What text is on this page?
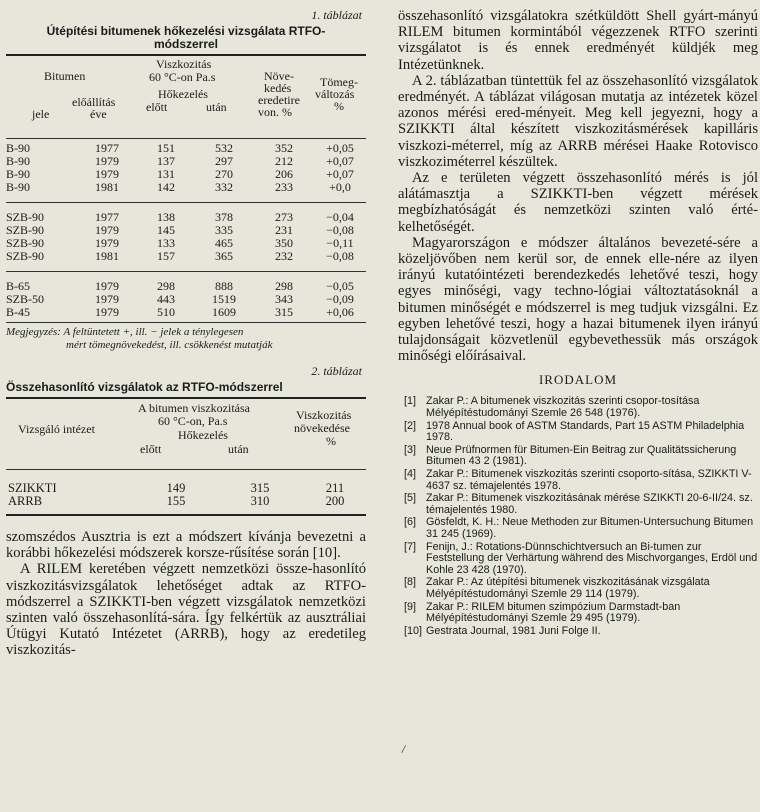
1. táblázat
Útépítési bitumenek hőkezelési vizsgálata RTFO-
módszerrel
Bitumen
Viszkozitás
60 °C-on Pa.s
Hőkezelés
előtt	után
Növe-
kedés
eredetire
von. %
Tömeg-
változás
%
jele
előállítás
éve
B-90	1977	151	532	352	+0,05
B-90	1979	137	297	212	+0,07
B-90	1979	131	270	206	+0,07
B-90	1981	142	332	233	+0,0

SZB-90	1977	138	378	273	−0,04
SZB-90	1979	145	335	231	−0,08
SZB-90	1979	133	465	350	−0,11
SZB-90	1981	157	365	232	−0,08

B-65	1979	298	888	298	−0,05
SZB-50	1979	443	1519	343	−0,09
B-45	1979	510	1609	315	+0,06
Megjegyzés: A feltüntetett +, ill. − jelek a ténylegesen
mért tömegnövekedést, ill. csökkenést mutatják
2. táblázat
Összehasonlító vizsgálatok az RTFO-módszerrel
Vizsgáló intézet
A bitumen viszkozitása
60 °C-on, Pa.s
Hőkezelés
előtt	után
Viszkozitás
növekedése
%
SZIKKTI	149	315	211
ARRB	155	310	200

szomszédos Ausztria is ezt a módszert kívánja bevezetni a korábbi hőkezelési módszerek korsze-rűsítése során [10].

A RILEM keretében végzett nemzetközi össze-hasonlító viszkozitásvizsgálatok lehetőséget adtak az RTFO-módszerrel a SZIKKTI-ben végzett vizsgálatok nemzetközi szinten való összehasonlítá-sára. Így felkértük az ausztráliai Útügyi Kutató Intézetet (ARRB), hogy az eredetileg viszkozitás-

összehasonlító vizsgálatokra szétküldött Shell gyárt-mányú RILEM bitumen kormintából végezzenek RTFO szerinti vizsgálatot is és ennek eredményét küldjék meg Intézetünknek.

A 2. táblázatban tüntettük fel az összehasonlító vizsgálatok eredményét. A táblázat világosan mutatja az intézetek közel azonos mérési ered-ményeit. Meg kell jegyezni, hogy a SZIKKTI által készített viszkozitásmérések kapilláris viszkozi-méterrel, míg az ARRB mérései Haake Rotovisco viszkoziméterrel készültek.

Az e területen végzett összehasonlító mérés is jól alátámasztja a SZIKKTI-ben végzett mérések megbízhatóságát és nemzetközi szinten való érté-kelhetőségét.

Magyarországon e módszer általános bevezeté-sére a közeljövőben nem kerül sor, de ennek elle-nére az ilyen irányú kutatóintézeti berendezkedés lehetővé teszi, hogy egyes minőségi, vagy techno-lógiai változtatásoknál a bitumen minőségét e módszerrel is meg tudjuk vizsgálni. Ez egyben lehetővé teszi, hogy a hazai bitumenek ilyen irányú tulajdonságait közvetlenül egybevethessük más országok minőségi előírásaival.

IRODALOM
[1] Zakar P.: A bitumenek viszkozitás szerinti csopor-tosítása Mélyépítéstudományi Szemle 26 548 (1976).
[2] 1978 Annual book of ASTM Standards, Part 15 ASTM Philadelphia 1978.
[3] Neue Prüfnormen für Bitumen-Ein Beitrag zur Qualitätssicherung Bitumen 43 2 (1981).
[4] Zakar P.: Bitumenek viszkozitás szerinti csoporto-sítása, SZIKKTI V-4637 sz. témajelentés 1978.
[5] Zakar P.: Bitumenek viszkozitásának mérése SZIKKTI 20-6-II/24. sz. témajelentés 1980.
[6] Gösfeldt, K. H.: Neue Methoden zur Bitumen-Untersuchung Bitumen 31 245 (1969).
[7] Fenijn, J.: Rotations-Dünnschichtversuch an Bi-tumen zur Feststellung der Verhärtung während des Mischvorganges, Erdöl und Kohle 23 428 (1970).
[8] Zakar P.: Az útépítési bitumenek viszkozitásának vizsgálata Mélyépítéstudományi Szemle 29 114 (1979).
[9] Zakar P.: RILEM bitumen szimpózium Darmstadt-ban Mélyépítéstudományi Szemle 29 495 (1979).
[10] Gestrata Journal, 1981 Juni Folge II.
/
